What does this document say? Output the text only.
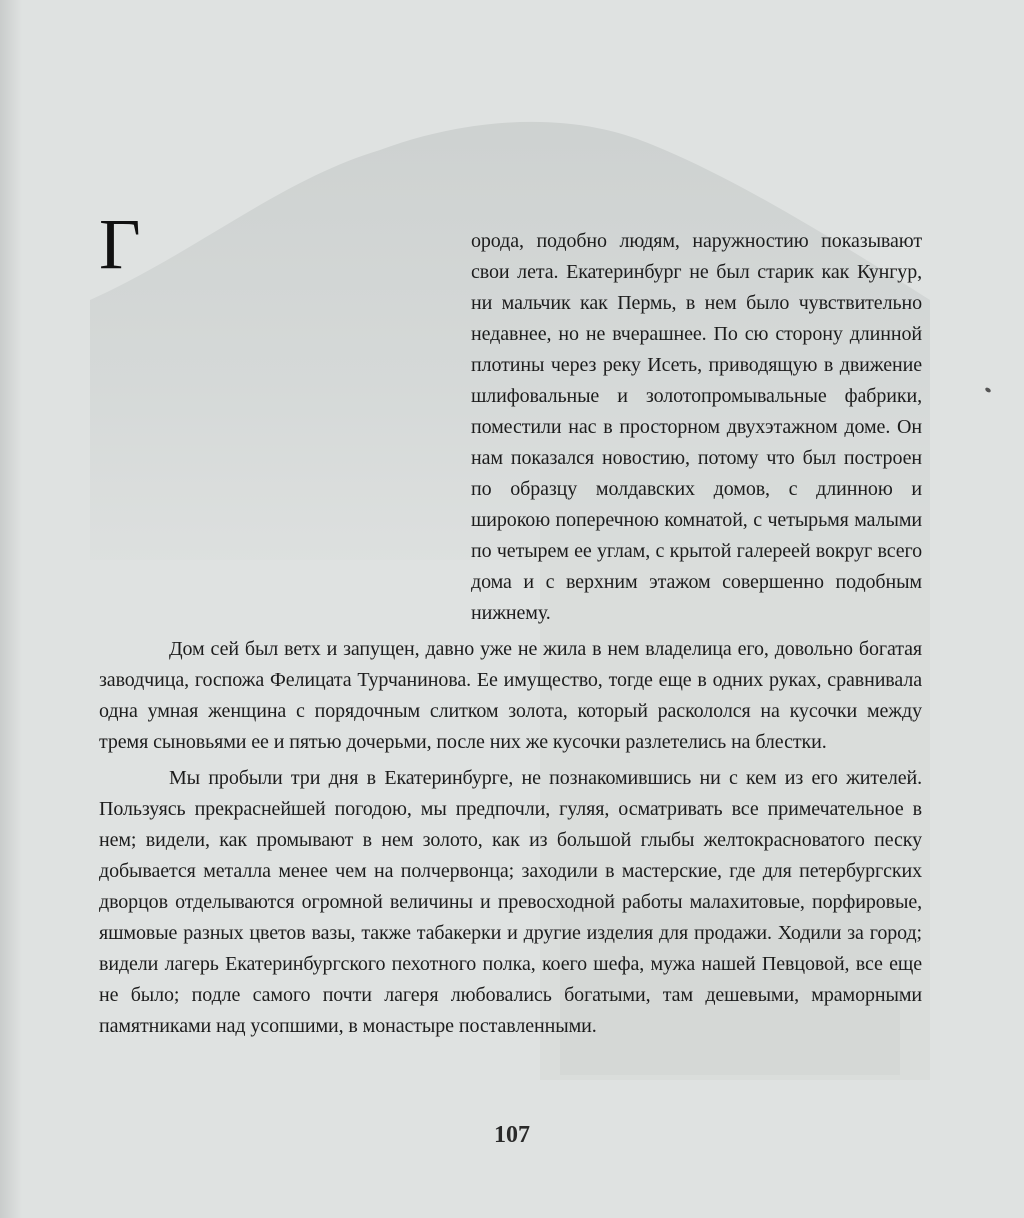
Г	орода, подобно людям, наружностию показывают свои лета. Екатеринбург не был старик как Кунгур, ни мальчик как Пермь, в нем было чувствительно недавнее, но не вчерашнее. По сю сторону длинной плотины через реку Исеть, приводящую в движение шлифовальные и золотопромывальные фабрики, поместили нас в просторном двухэтажном доме. Он нам показался новостию, потому что был построен по образцу молдавских домов, с длинною и широкою поперечною комнатой, с четырьмя малыми по четырем ее углам, с крытой галереей вокруг всего дома и с верхним этажом совершенно подобным нижнему.

Дом сей был ветх и запущен, давно уже не жила в нем владелица его, довольно богатая заводчица, госпожа Фелицата Турчанинова. Ее имущество, тогде еще в одних руках, сравнивала одна умная женщина с порядочным слитком золота, который раскололся на кусочки между тремя сыновьями ее и пятью дочерьми, после них же кусочки разлетелись на блестки.

Мы пробыли три дня в Екатеринбурге, не познакомившись ни с кем из его жителей. Пользуясь прекраснейшей погодою, мы предпочли, гуляя, осматривать все примечательное в нем; видели, как промывают в нем золото, как из большой глыбы желтокрасноватого песку добывается металла менее чем на полчервонца; заходили в мастерские, где для петербургских дворцов отделываются огромной величины и превосходной работы малахитовые, порфировые, яшмовые разных цветов вазы, также табакерки и другие изделия для продажи. Ходили за город; видели лагерь Екатеринбургского пехотного полка, коего шефа, мужа нашей Певцовой, все еще не было; подле самого почти лагеря любовались богатыми, там дешевыми, мраморными памятниками над усопшими, в монастыре поставленными.

107
